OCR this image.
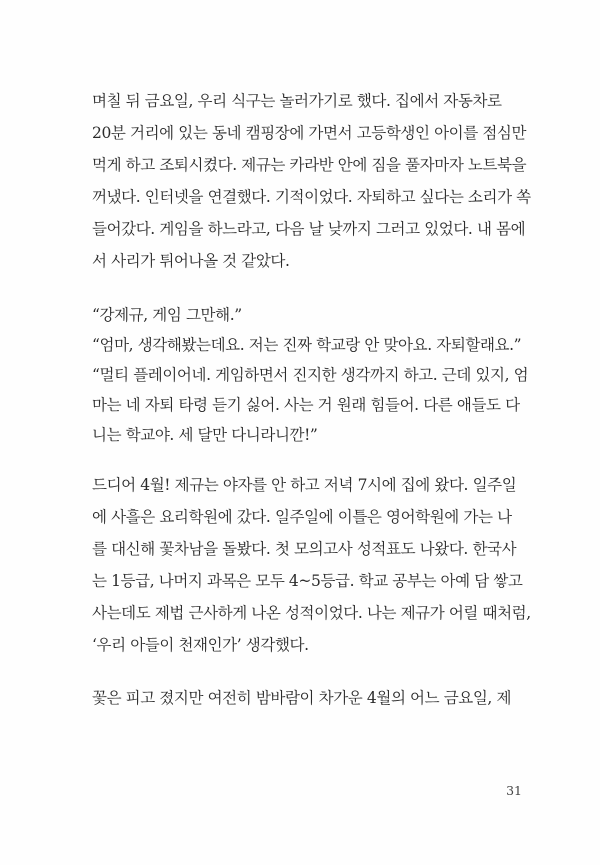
며칠 뒤 금요일, 우리 식구는 놀러가기로 했다. 집에서 자동차로

20분 거리에 있는 동네 캠핑장에 가면서 고등학생인 아이를 점심만

먹게 하고 조퇴시켰다. 제규는 카라반 안에 짐을 풀자마자 노트북을

꺼냈다. 인터넷을 연결했다. 기적이었다. 자퇴하고 싶다는 소리가 쏙

들어갔다. 게임을 하느라고, 다음 날 낮까지 그러고 있었다. 내 몸에

서 사리가 튀어나올 것 같았다.

“강제규, 게임 그만해.”

“엄마, 생각해봤는데요. 저는 진짜 학교랑 안 맞아요. 자퇴할래요.”

“멀티 플레이어네. 게임하면서 진지한 생각까지 하고. 근데 있지, 엄

마는 네 자퇴 타령 듣기 싫어. 사는 거 원래 힘들어. 다른 애들도 다

니는 학교야. 세 달만 다니라니깐!”

드디어 4월! 제규는 야자를 안 하고 저녁 7시에 집에 왔다. 일주일

에 사흘은 요리학원에 갔다. 일주일에 이틀은 영어학원에 가는 나

를 대신해 꽃차남을 돌봤다. 첫 모의고사 성적표도 나왔다. 한국사

는 1등급, 나머지 과목은 모두 4~5등급. 학교 공부는 아예 담 쌓고

사는데도 제법 근사하게 나온 성적이었다. 나는 제규가 어릴 때처럼,

‘우리 아들이 천재인가’ 생각했다.

꽃은 피고 졌지만 여전히 밤바람이 차가운 4월의 어느 금요일, 제

31
